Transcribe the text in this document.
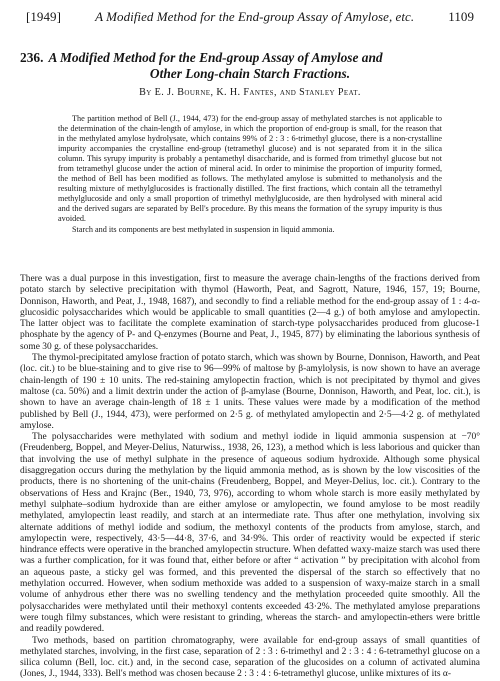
[1949]	A Modified Method for the End-group Assay of Amylose, etc.	1109
236. A Modified Method for the End-group Assay of Amylose and
Other Long-chain Starch Fractions.
By E. J. Bourne, K. H. Fantes, and Stanley Peat.

The partition method of Bell (J., 1944, 473) for the end-group assay of methylated starches is not applicable to the determination of the chain-length of amylose, in which the proportion of end-group is small, for the reason that in the methylated amylose hydrolysate, which contains 99% of 2 : 3 : 6-trimethyl glucose, there is a non-crystalline impurity accompanies the crystalline end-group (tetramethyl glucose) and is not separated from it in the silica column. This syrupy impurity is probably a pentamethyl disaccharide, and is formed from trimethyl glucose but not from tetramethyl glucose under the action of mineral acid. In order to minimise the proportion of impurity formed, the method of Bell has been modified as follows. The methylated amylose is submitted to methanolysis and the resulting mixture of methylglucosides is fractionally distilled. The first fractions, which contain all the tetramethyl methylglucoside and only a small proportion of trimethyl methylglucoside, are then hydrolysed with mineral acid and the derived sugars are separated by Bell's procedure. By this means the formation of the syrupy impurity is thus avoided.

Starch and its components are best methylated in suspension in liquid ammonia.

There was a dual purpose in this investigation, first to measure the average chain-lengths of the fractions derived from potato starch by selective precipitation with thymol (Haworth, Peat, and Sagrott, Nature, 1946, 157, 19; Bourne, Donnison, Haworth, and Peat, J., 1948, 1687), and secondly to find a reliable method for the end-group assay of 1 : 4-α-glucosidic polysaccharides which would be applicable to small quantities (2—4 g.) of both amylose and amylopectin. The latter object was to facilitate the complete examination of starch-type polysaccharides produced from glucose-1 phosphate by the agency of P- and Q-enzymes (Bourne and Peat, J., 1945, 877) by eliminating the laborious synthesis of some 30 g. of these polysaccharides.

The thymol-precipitated amylose fraction of potato starch, which was shown by Bourne, Donnison, Haworth, and Peat (loc. cit.) to be blue-staining and to give rise to 96—99% of maltose by β-amylolysis, is now shown to have an average chain-length of 190 ± 10 units. The red-staining amylopectin fraction, which is not precipitated by thymol and gives maltose (ca. 50%) and a limit dextrin under the action of β-amylase (Bourne, Donnison, Haworth, and Peat, loc. cit.), is shown to have an average chain-length of 18 ± 1 units. These values were made by a modification of the method published by Bell (J., 1944, 473), were performed on 2·5 g. of methylated amylopectin and 2·5—4·2 g. of methylated amylose.

The polysaccharides were methylated with sodium and methyl iodide in liquid ammonia suspension at −70° (Freudenberg, Boppel, and Meyer-Delius, Naturwiss., 1938, 26, 123), a method which is less laborious and quicker than that involving the use of methyl sulphate in the presence of aqueous sodium hydroxide. Although some physical disaggregation occurs during the methylation by the liquid ammonia method, as is shown by the low viscosities of the products, there is no shortening of the unit-chains (Freudenberg, Boppel, and Meyer-Delius, loc. cit.). Contrary to the observations of Hess and Krajnc (Ber., 1940, 73, 976), according to whom whole starch is more easily methylated by methyl sulphate–sodium hydroxide than are either amylose or amylopectin, we found amylose to be most readily methylated, amylopectin least readily, and starch at an intermediate rate. Thus after one methylation, involving six alternate additions of methyl iodide and sodium, the methoxyl contents of the products from amylose, starch, and amylopectin were, respectively, 43·5—44·8, 37·6, and 34·9%. This order of reactivity would be expected if steric hindrance effects were operative in the branched amylopectin structure. When defatted waxy-maize starch was used there was a further complication, for it was found that, either before or after “ activation ” by precipitation with alcohol from an aqueous paste, a sticky gel was formed, and this prevented the dispersal of the starch so effectively that no methylation occurred. However, when sodium methoxide was added to a suspension of waxy-maize starch in a small volume of anhydrous ether there was no swelling tendency and the methylation proceeded quite smoothly. All the polysaccharides were methylated until their methoxyl contents exceeded 43·2%. The methylated amylose preparations were tough filmy substances, which were resistant to grinding, whereas the starch- and amylopectin-ethers were brittle and readily powdered.

Two methods, based on partition chromatography, were available for end-group assays of small quantities of methylated starches, involving, in the first case, separation of 2 : 3 : 6-trimethyl and 2 : 3 : 4 : 6-tetramethyl glucose on a silica column (Bell, loc. cit.) and, in the second case, separation of the glucosides on a column of activated alumina (Jones, J., 1944, 333). Bell's method was chosen because 2 : 3 : 4 : 6-tetramethyl glucose, unlike mixtures of its α-
